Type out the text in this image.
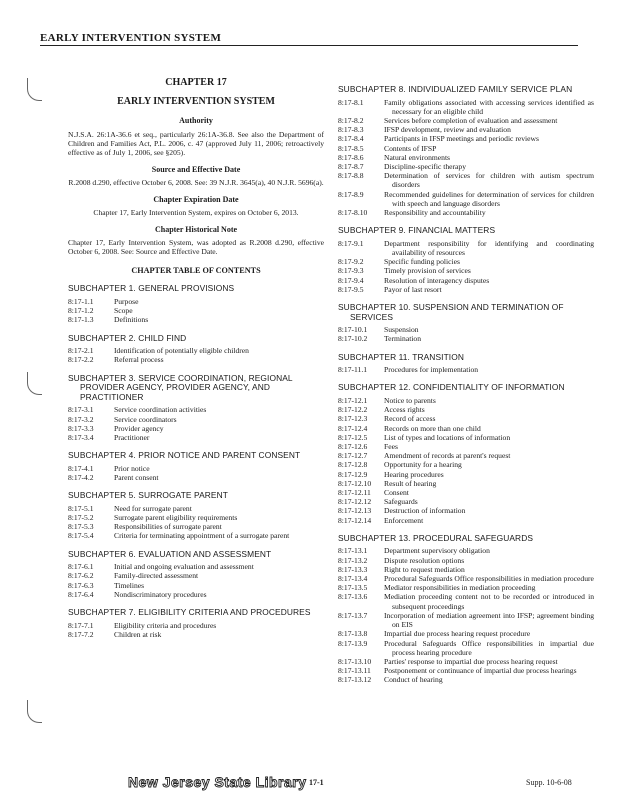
EARLY INTERVENTION SYSTEM
CHAPTER 17
EARLY INTERVENTION SYSTEM
Authority
N.J.S.A. 26:1A-36.6 et seq., particularly 26:1A-36.8. See also the Department of Children and Families Act, P.L. 2006, c. 47 (approved July 11, 2006; retroactively effective as of July 1, 2006, see §205).
Source and Effective Date
R.2008 d.290, effective October 6, 2008. See: 39 N.J.R. 3645(a), 40 N.J.R. 5696(a).
Chapter Expiration Date
Chapter 17, Early Intervention System, expires on October 6, 2013.
Chapter Historical Note
Chapter 17, Early Intervention System, was adopted as R.2008 d.290, effective October 6, 2008. See: Source and Effective Date.
CHAPTER TABLE OF CONTENTS
SUBCHAPTER 1. GENERAL PROVISIONS
8:17-1.1	Purpose
8:17-1.2	Scope
8:17-1.3	Definitions
SUBCHAPTER 2. CHILD FIND
8:17-2.1	Identification of potentially eligible children
8:17-2.2	Referral process
SUBCHAPTER 3. SERVICE COORDINATION, REGIONAL PROVIDER AGENCY, PROVIDER AGENCY, AND PRACTITIONER
8:17-3.1	Service coordination activities
8:17-3.2	Service coordinators
8:17-3.3	Provider agency
8:17-3.4	Practitioner
SUBCHAPTER 4. PRIOR NOTICE AND PARENT CONSENT
8:17-4.1	Prior notice
8:17-4.2	Parent consent
SUBCHAPTER 5. SURROGATE PARENT
8:17-5.1	Need for surrogate parent
8:17-5.2	Surrogate parent eligibility requirements
8:17-5.3	Responsibilities of surrogate parent
8:17-5.4	Criteria for terminating appointment of a surrogate parent
SUBCHAPTER 6. EVALUATION AND ASSESSMENT
8:17-6.1	Initial and ongoing evaluation and assessment
8:17-6.2	Family-directed assessment
8:17-6.3	Timelines
8:17-6.4	Nondiscriminatory procedures
SUBCHAPTER 7. ELIGIBILITY CRITERIA AND PROCEDURES
8:17-7.1	Eligibility criteria and procedures
8:17-7.2	Children at risk
SUBCHAPTER 8. INDIVIDUALIZED FAMILY SERVICE PLAN
8:17-8.1	Family obligations associated with accessing services identified as necessary for an eligible child
8:17-8.2	Services before completion of evaluation and assessment
8:17-8.3	IFSP development, review and evaluation
8:17-8.4	Participants in IFSP meetings and periodic reviews
8:17-8.5	Contents of IFSP
8:17-8.6	Natural environments
8:17-8.7	Discipline-specific therapy
8:17-8.8	Determination of services for children with autism spectrum disorders
8:17-8.9	Recommended guidelines for determination of services for children with speech and language disorders
8:17-8.10	Responsibility and accountability
SUBCHAPTER 9. FINANCIAL MATTERS
8:17-9.1	Department responsibility for identifying and coordinating availability of resources
8:17-9.2	Specific funding policies
8:17-9.3	Timely provision of services
8:17-9.4	Resolution of interagency disputes
8:17-9.5	Payor of last resort
SUBCHAPTER 10. SUSPENSION AND TERMINATION OF SERVICES
8:17-10.1	Suspension
8:17-10.2	Termination
SUBCHAPTER 11. TRANSITION
8:17-11.1	Procedures for implementation
SUBCHAPTER 12. CONFIDENTIALITY OF INFORMATION
8:17-12.1	Notice to parents
8:17-12.2	Access rights
8:17-12.3	Record of access
8:17-12.4	Records on more than one child
8:17-12.5	List of types and locations of information
8:17-12.6	Fees
8:17-12.7	Amendment of records at parent's request
8:17-12.8	Opportunity for a hearing
8:17-12.9	Hearing procedures
8:17-12.10	Result of hearing
8:17-12.11	Consent
8:17-12.12	Safeguards
8:17-12.13	Destruction of information
8:17-12.14	Enforcement
SUBCHAPTER 13. PROCEDURAL SAFEGUARDS
8:17-13.1	Department supervisory obligation
8:17-13.2	Dispute resolution options
8:17-13.3	Right to request mediation
8:17-13.4	Procedural Safeguards Office responsibilities in mediation procedure
8:17-13.5	Mediator responsibilities in mediation proceeding
8:17-13.6	Mediation proceeding content not to be recorded or introduced in subsequent proceedings
8:17-13.7	Incorporation of mediation agreement into IFSP; agreement binding on EIS
8:17-13.8	Impartial due process hearing request procedure
8:17-13.9	Procedural Safeguards Office responsibilities in impartial due process hearing procedure
8:17-13.10	Parties' response to impartial due process hearing request
8:17-13.11	Postponement or continuance of impartial due process hearings
8:17-13.12	Conduct of hearing
New Jersey State Library 17-1	Supp. 10-6-08
